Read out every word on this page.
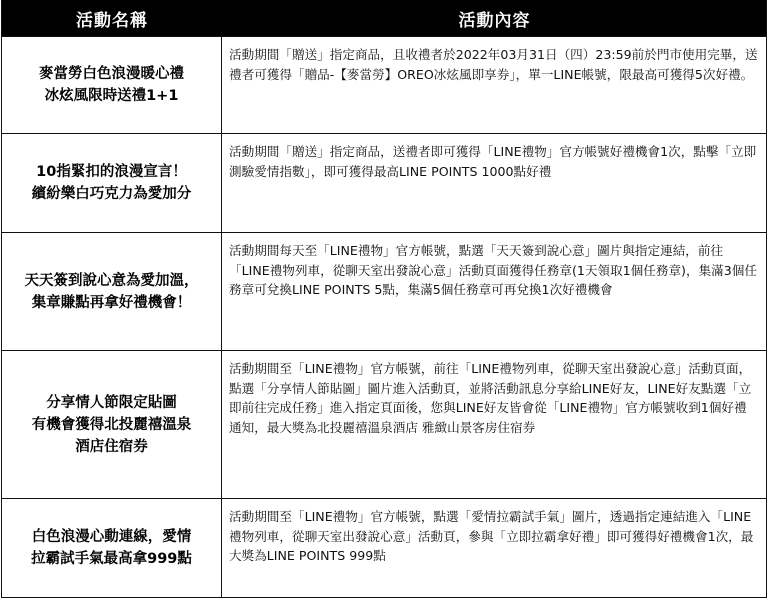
活動名稱	活動內容
麥當勞白色浪漫暖心禮
冰炫風限時送禮1+1
活動期間「贈送」指定商品，且收禮者於2022年03月31日（四）23:59前於門市使用完畢，送禮者可獲得「贈品-【麥當勞】OREO冰炫風即享券」，單一LINE帳號，限最高可獲得5次好禮。
10指緊扣的浪漫宣言！
繽紛樂白巧克力為愛加分
活動期間「贈送」指定商品，送禮者即可獲得「LINE禮物」官方帳號好禮機會1次，點擊「立即測驗愛情指數」，即可獲得最高LINE POINTS 1000點好禮
天天簽到說心意為愛加溫，
集章賺點再拿好禮機會！
活動期間每天至「LINE禮物」官方帳號，點選「天天簽到說心意」圖片與指定連結，前往「LINE禮物列車，從聊天室出發說心意」活動頁面獲得任務章(1天領取1個任務章)，集滿3個任務章可兌換LINE POINTS 5點，集滿5個任務章可再兌換1次好禮機會
分享情人節限定貼圖
有機會獲得北投麗禧溫泉
酒店住宿券
活動期間至「LINE禮物」官方帳號，前往「LINE禮物列車，從聊天室出發說心意」活動頁面，點選「分享情人節貼圖」圖片進入活動頁，並將活動訊息分享給LINE好友，LINE好友點選「立即前往完成任務」進入指定頁面後，您與LINE好友皆會從「LINE禮物」官方帳號收到1個好禮通知，最大獎為北投麗禧溫泉酒店 雅緻山景客房住宿券
白色浪漫心動連線，愛情
拉霸試手氣最高拿999點
活動期間至「LINE禮物」官方帳號，點選「愛情拉霸試手氣」圖片，透過指定連結進入「LINE禮物列車，從聊天室出發說心意」活動頁，參與「立即拉霸拿好禮」即可獲得好禮機會1次，最大獎為LINE POINTS 999點
